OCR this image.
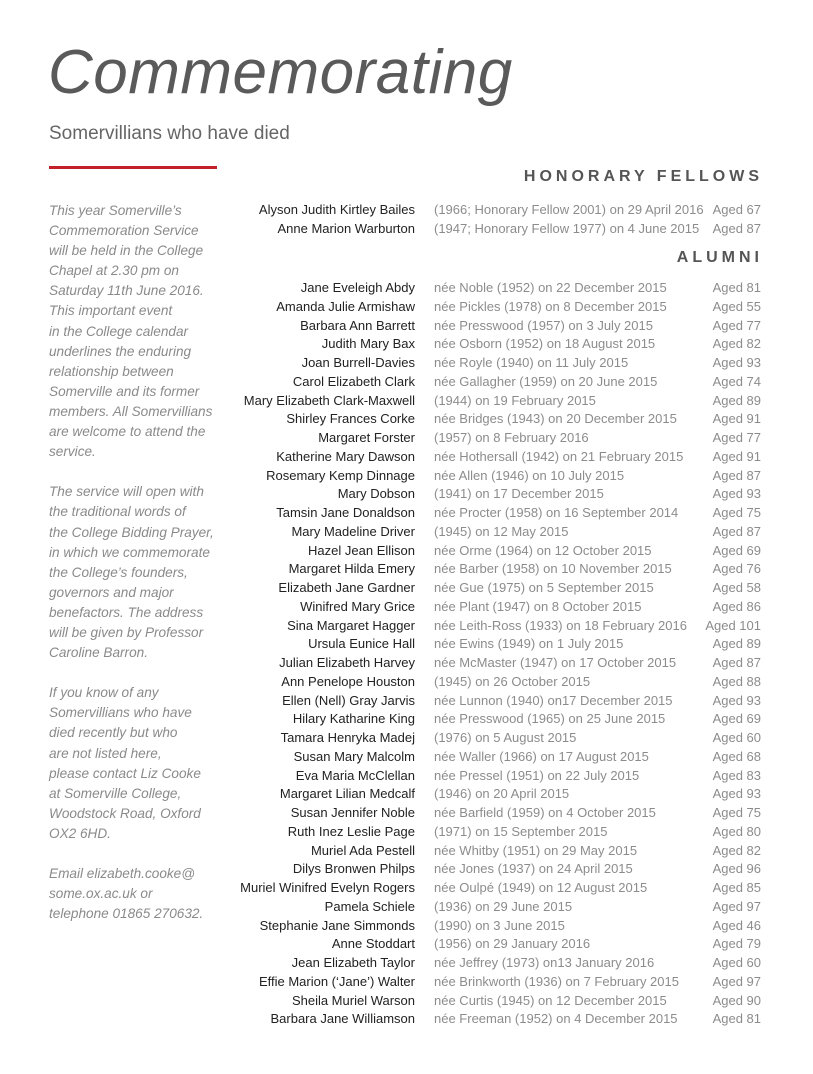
Commemorating

Somervillians who have died

This year Somerville’s
Commemoration Service
will be held in the College
Chapel at 2.30 pm on
Saturday 11th June 2016.
This important event
in the College calendar
underlines the enduring
relationship between
Somerville and its former
members. All Somervillians
are welcome to attend the
service.

The service will open with
the traditional words of
the College Bidding Prayer,
in which we commemorate
the College’s founders,
governors and major
benefactors. The address
will be given by Professor
Caroline Barron.

If you know of any
Somervillians who have
died recently but who
are not listed here,
please contact Liz Cooke
at Somerville College,
Woodstock Road, Oxford
OX2 6HD.

Email elizabeth.cooke@
some.ox.ac.uk or
telephone 01865 270632.

HONORARY FELLOWS
Alyson Judith Kirtley Bailes (1966; Honorary Fellow 2001) on 29 April 2016 Aged 67
Anne Marion Warburton (1947; Honorary Fellow 1977) on 4 June 2015 Aged 87
ALUMNI
Jane Eveleigh Abdy née Noble (1952) on 22 December 2015	Aged 81
Amanda Julie Armishaw née Pickles (1978) on 8 December 2015	Aged 55
Barbara Ann Barrett née Presswood (1957) on 3 July 2015	Aged 77
Judith Mary Bax née Osborn (1952) on 18 August 2015	Aged 82
Joan Burrell-Davies née Royle (1940) on 11 July 2015	Aged 93
Carol Elizabeth Clark née Gallagher (1959) on 20 June 2015	Aged 74
Mary Elizabeth Clark-Maxwell (1944) on 19 February 2015	Aged 89
Shirley Frances Corke née Bridges (1943) on 20 December 2015	Aged 91
Margaret Forster (1957) on 8 February 2016	Aged 77
Katherine Mary Dawson née Hothersall (1942) on 21 February 2015 Aged 91
Rosemary Kemp Dinnage née Allen (1946) on 10 July 2015	Aged 87
Mary Dobson (1941) on 17 December 2015	Aged 93
Tamsin Jane Donaldson née Procter (1958) on 16 September 2014	Aged 75
Mary Madeline Driver (1945) on 12 May 2015	Aged 87
Hazel Jean Ellison née Orme (1964) on 12 October 2015	Aged 69
Margaret Hilda Emery née Barber (1958) on 10 November 2015	Aged 76
Elizabeth Jane Gardner née Gue (1975) on 5 September 2015	Aged 58
Winifred Mary Grice née Plant (1947) on 8 October 2015	Aged 86
Sina Margaret Hagger née Leith-Ross (1933) on 18 February 2016 Aged 101
Ursula Eunice Hall née Ewins (1949) on 1 July 2015	Aged 89
Julian Elizabeth Harvey née McMaster (1947) on 17 October 2015	Aged 87
Ann Penelope Houston (1945) on 26 October 2015	Aged 88
Ellen (Nell) Gray Jarvis née Lunnon (1940) on17 December 2015	Aged 93
Hilary Katharine King née Presswood (1965) on 25 June 2015	Aged 69
Tamara Henryka Madej (1976) on 5 August 2015	Aged 60
Susan Mary Malcolm née Waller (1966) on 17 August 2015	Aged 68
Eva Maria McClellan née Pressel (1951) on 22 July 2015	Aged 83
Margaret Lilian Medcalf (1946) on 20 April 2015	Aged 93
Susan Jennifer Noble née Barfield (1959) on 4 October 2015	Aged 75
Ruth Inez Leslie Page (1971) on 15 September 2015	Aged 80
Muriel Ada Pestell née Whitby (1951) on 29 May 2015	Aged 82
Dilys Bronwen Philps née Jones (1937) on 24 April 2015	Aged 96
Muriel Winifred Evelyn Rogers née Oulpé (1949) on 12 August 2015	Aged 85
Pamela Schiele (1936) on 29 June 2015	Aged 97
Stephanie Jane Simmonds (1990) on 3 June 2015	Aged 46
Anne Stoddart (1956) on 29 January 2016	Aged 79
Jean Elizabeth Taylor née Jeffrey (1973) on13 January 2016	Aged 60
Effie Marion (‘Jane’) Walter née Brinkworth (1936) on 7 February 2015	Aged 97
Sheila Muriel Warson née Curtis (1945) on 12 December 2015	Aged 90
Barbara Jane Williamson née Freeman (1952) on 4 December 2015	Aged 81
